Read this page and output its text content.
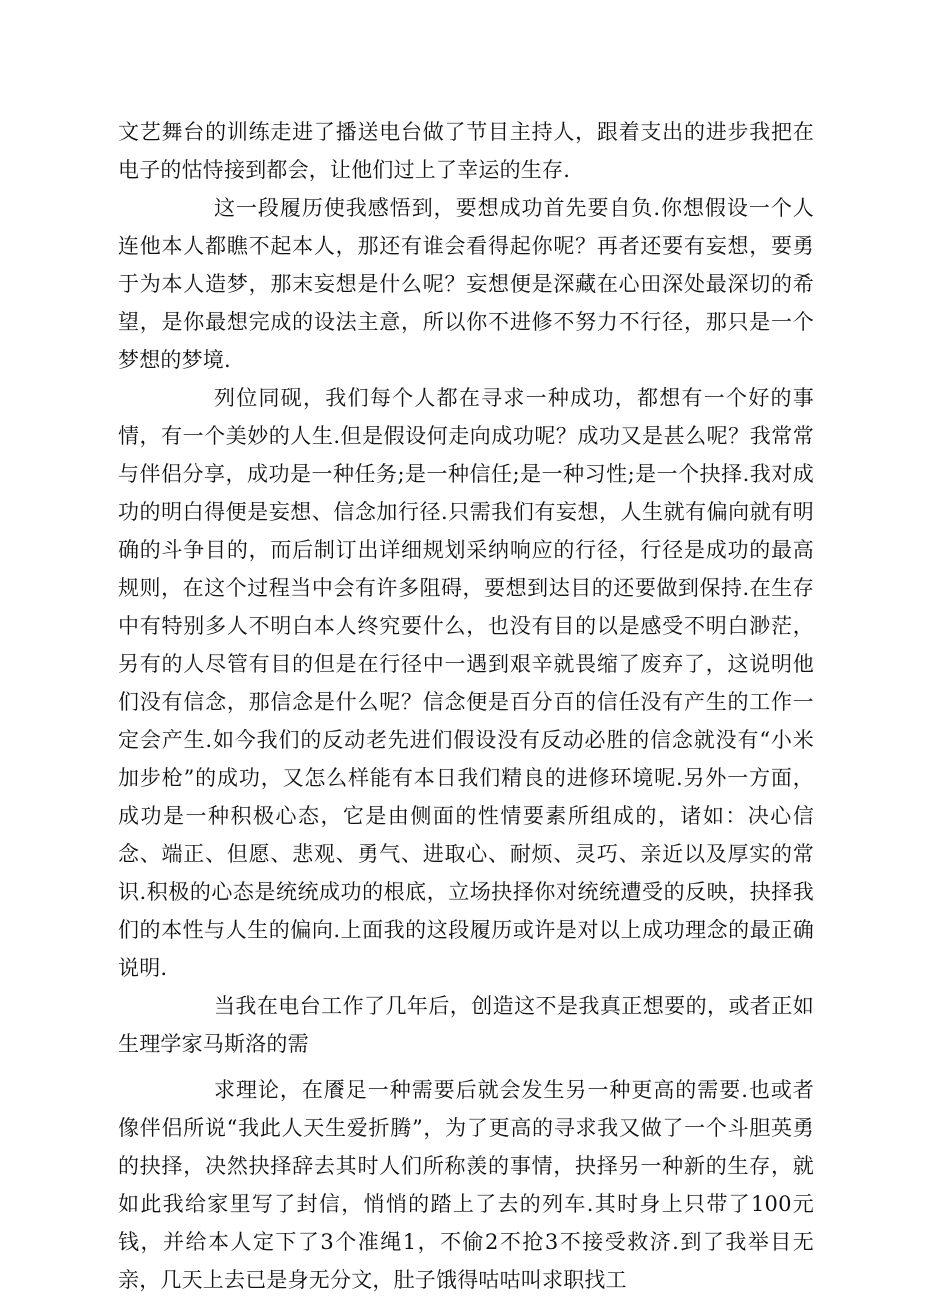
文艺舞台的训练走进了播送电台做了节目主持人，跟着支出的进步我把在电子的怙恃接到都会，让他们过上了幸运的生存.

这一段履历使我感悟到，要想成功首先要自负.你想假设一个人连他本人都瞧不起本人，那还有谁会看得起你呢？再者还要有妄想，要勇于为本人造梦，那末妄想是什么呢？妄想便是深藏在心田深处最深切的希望，是你最想完成的设法主意，所以你不进修不努力不行径，那只是一个梦想的梦境.

列位同砚，我们每个人都在寻求一种成功，都想有一个好的事情，有一个美妙的人生.但是假设何走向成功呢？成功又是甚么呢？我常常与伴侣分享，成功是一种任务;是一种信任;是一种习性;是一个抉择.我对成功的明白得便是妄想、信念加行径.只需我们有妄想，人生就有偏向就有明确的斗争目的，而后制订出详细规划采纳响应的行径，行径是成功的最高规则，在这个过程当中会有许多阻碍，要想到达目的还要做到保持.在生存中有特别多人不明白本人终究要什么，也没有目的以是感受不明白渺茫，另有的人尽管有目的但是在行径中一遇到艰辛就畏缩了废弃了，这说明他们没有信念，那信念是什么呢？信念便是百分百的信任没有产生的工作一定会产生.如今我们的反动老先进们假设没有反动必胜的信念就没有“小米加步枪”的成功，又怎么样能有本日我们精良的进修环境呢.另外一方面，成功是一种积极心态，它是由侧面的性情要素所组成的，诸如：决心信念、端正、但愿、悲观、勇气、进取心、耐烦、灵巧、亲近以及厚实的常识.积极的心态是统统成功的根底，立场抉择你对统统遭受的反映，抉择我们的本性与人生的偏向.上面我的这段履历或许是对以上成功理念的最正确说明.

当我在电台工作了几年后，创造这不是我真正想要的，或者正如生理学家马斯洛的需

求理论，在餍足一种需要后就会发生另一种更高的需要.也或者像伴侣所说“我此人天生爱折腾”，为了更高的寻求我又做了一个斗胆英勇的抉择，决然抉择辞去其时人们所称羡的事情，抉择另一种新的生存，就如此我给家里写了封信，悄悄的踏上了去的列车.其时身上只带了100元钱，并给本人定下了3个准绳1，不偷2不抢3不接受救济.到了我举目无亲，几天上去已是身无分文，肚子饿得咕咕叫求职找工
